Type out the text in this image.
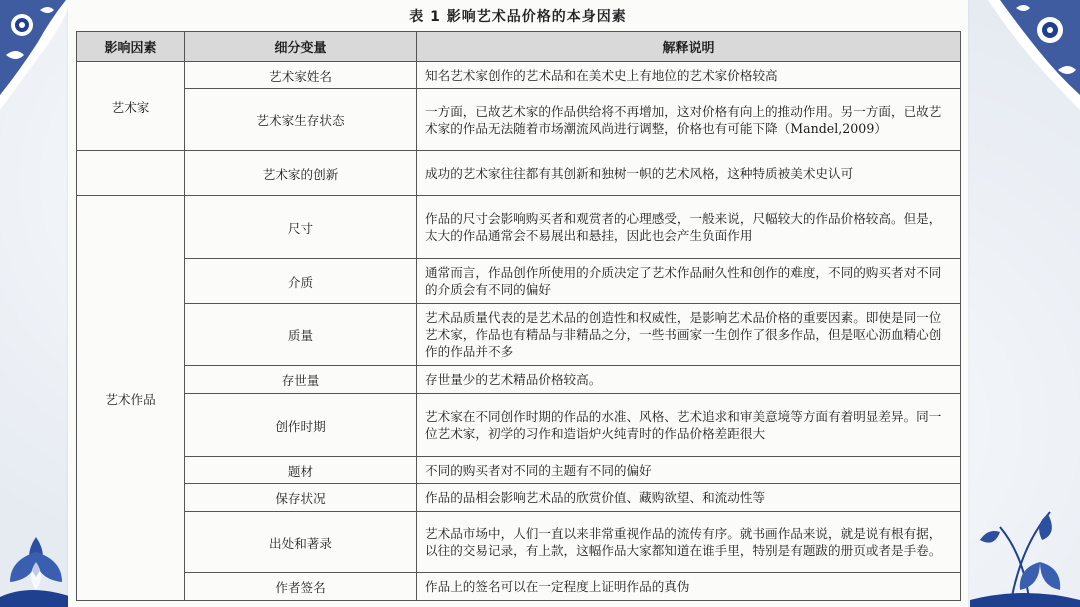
表 1 影响艺术品价格的本身因素
影响因素	细分变量	解释说明
艺术家	艺术家姓名	知名艺术家创作的艺术品和在美术史上有地位的艺术家价格较高
	艺术家生存状态	一方面，已故艺术家的作品供给将不再增加，这对价格有向上的推动作用。另一方面，已故艺术家的作品无法随着市场潮流风尚进行调整，价格也有可能下降（Mandel,2009）
	艺术家的创新	成功的艺术家往往都有其创新和独树一帜的艺术风格，这种特质被美术史认可
艺术作品	尺寸	作品的尺寸会影响购买者和观赏者的心理感受，一般来说，尺幅较大的作品价格较高。但是，太大的作品通常会不易展出和悬挂，因此也会产生负面作用
	介质	通常而言，作品创作所使用的介质决定了艺术作品耐久性和创作的难度，不同的购买者对不同的介质会有不同的偏好
	质量	艺术品质量代表的是艺术品的创造性和权威性，是影响艺术品价格的重要因素。即使是同一位艺术家，作品也有精品与非精品之分，一些书画家一生创作了很多作品，但是呕心沥血精心创作的作品并不多
	存世量	存世量少的艺术精品价格较高。
	创作时期	艺术家在不同创作时期的作品的水准、风格、艺术追求和审美意境等方面有着明显差异。同一位艺术家，初学的习作和造诣炉火纯青时的作品价格差距很大
	题材	不同的购买者对不同的主题有不同的偏好
	保存状况	作品的品相会影响艺术品的欣赏价值、藏购欲望、和流动性等
	出处和著录	艺术品市场中，人们一直以来非常重视作品的流传有序。就书画作品来说，就是说有根有据，以往的交易记录，有上款，这幅作品大家都知道在谁手里，特别是有题跋的册页或者是手卷。
	作者签名	作品上的签名可以在一定程度上证明作品的真伪
